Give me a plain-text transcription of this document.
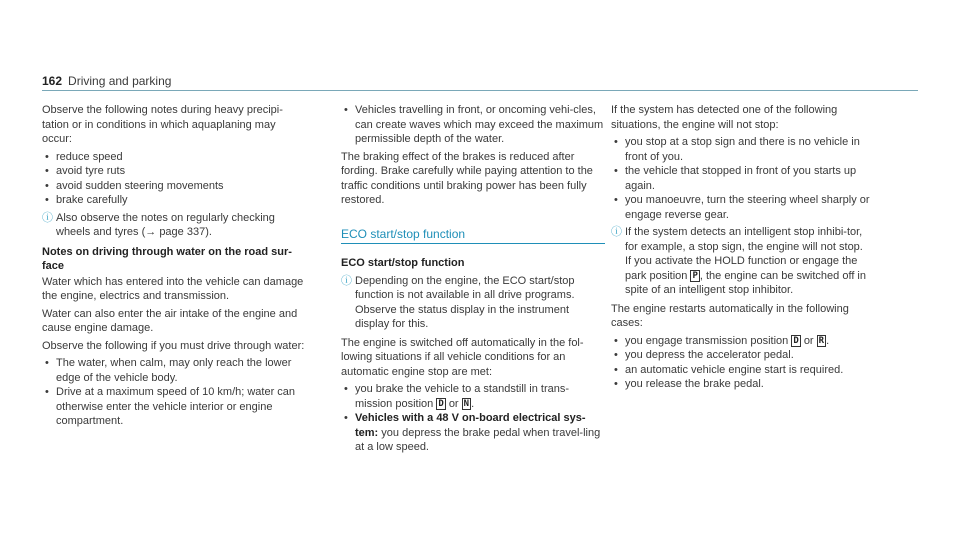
162 Driving and parking

Observe the following notes during heavy precipi-tation or in conditions in which aquaplaning may occur:

• reduce speed
• avoid tyre ruts
• avoid sudden steering movements
• brake carefully
ⓘ Also observe the notes on regularly checking wheels and tyres (→ page 337).
Notes on driving through water on the road sur-face

Water which has entered into the vehicle can damage the engine, electrics and transmission.

Water can also enter the air intake of the engine and cause engine damage.

Observe the following if you must drive through water:

• The water, when calm, may only reach the lower edge of the vehicle body.
• Drive at a maximum speed of 10 km/h; water can otherwise enter the vehicle interior or engine compartment.
• Vehicles travelling in front, or oncoming vehi-cles, can create waves which may exceed the maximum permissible depth of the water.

The braking effect of the brakes is reduced after fording. Brake carefully while paying attention to the traffic conditions until braking power has been fully restored.

ECO start/stop function
ECO start/stop function
ⓘ Depending on the engine, the ECO start/stop function is not available in all drive programs. Observe the status display in the instrument display for this.

The engine is switched off automatically in the fol-lowing situations if all vehicle conditions for an automatic engine stop are met:

• you brake the vehicle to a standstill in trans-mission position D or N .
• Vehicles with a 48 V on-board electrical sys-tem: you depress the brake pedal when travel-ling at a low speed.

If the system has detected one of the following situations, the engine will not stop:

• you stop at a stop sign and there is no vehicle in front of you.
• the vehicle that stopped in front of you starts up again.
• you manoeuvre, turn the steering wheel sharply or engage reverse gear.
ⓘ If the system detects an intelligent stop inhibi-tor, for example, a stop sign, the engine will not stop.
If you activate the HOLD function or engage the park position P , the engine can be switched off in spite of an intelligent stop inhibitor.

The engine restarts automatically in the following cases:

• you engage transmission position D or R .
• you depress the accelerator pedal.
• an automatic vehicle engine start is required.
• you release the brake pedal.
